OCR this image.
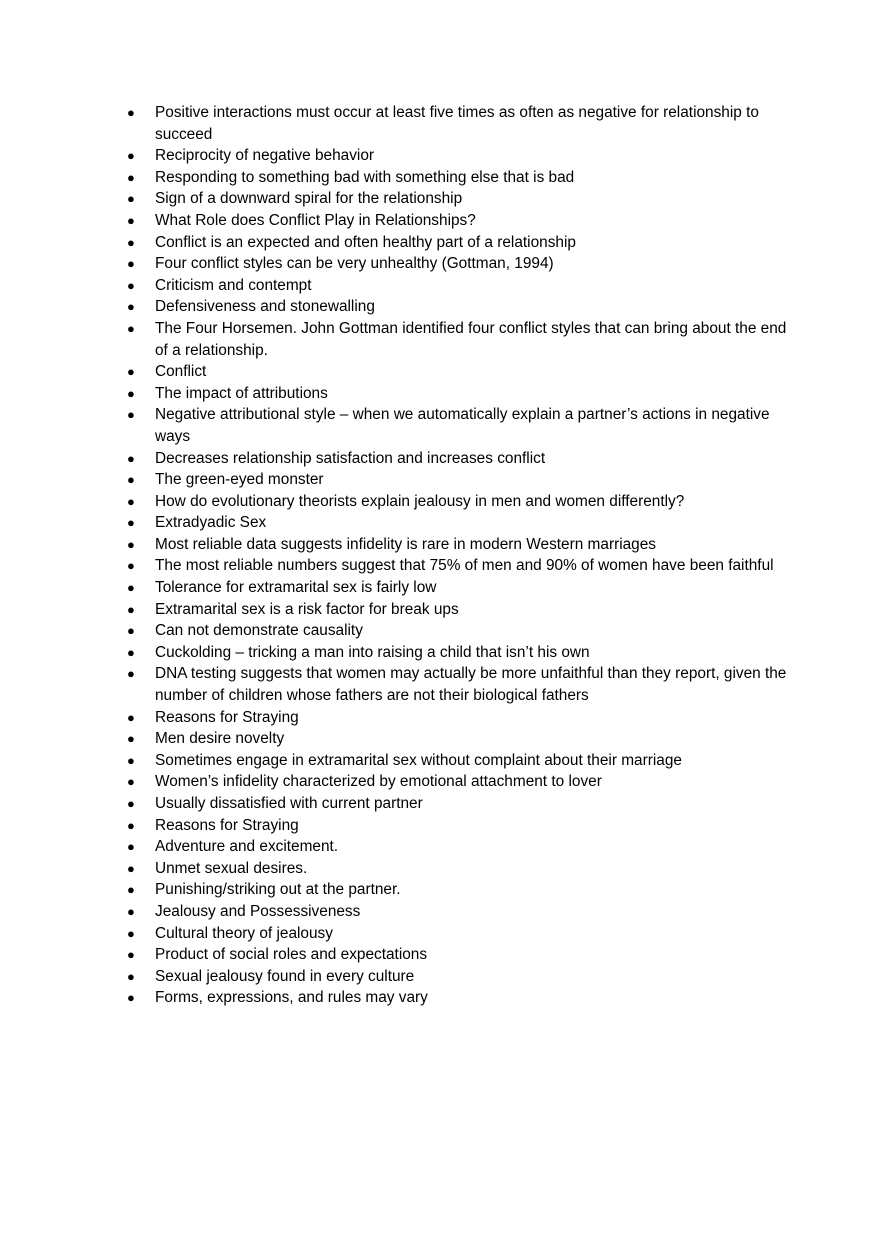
●	Positive interactions must occur at least five times as often as negative for relationship to succeed
●	Reciprocity of negative behavior
●	Responding to something bad with something else that is bad
●	Sign of a downward spiral for the relationship
●	What Role does Conflict Play in Relationships?
●	Conflict is an expected and often healthy part of a relationship
●	Four conflict styles can be very unhealthy (Gottman, 1994)
●	Criticism and contempt
●	Defensiveness and stonewalling
●	The Four Horsemen. John Gottman identified four conflict styles that can bring about the end of a relationship.
●	Conflict
●	The impact of attributions
●	Negative attributional style – when we automatically explain a partner’s actions in negative ways
●	Decreases relationship satisfaction and increases conflict
●	The green-eyed monster
●	How do evolutionary theorists explain jealousy in men and women differently?
●	Extradyadic Sex
●	Most reliable data suggests infidelity is rare in modern Western marriages
●	The most reliable numbers suggest that 75% of men and 90% of women have been faithful
●	Tolerance for extramarital sex is fairly low
●	Extramarital sex is a risk factor for break ups
●	Can not demonstrate causality
●	Cuckolding – tricking a man into raising a child that isn’t his own
●	DNA testing suggests that women may actually be more unfaithful than they report, given the number of children whose fathers are not their biological fathers
●	Reasons for Straying
●	Men desire novelty
●	Sometimes engage in extramarital sex without complaint about their marriage
●	Women’s infidelity characterized by emotional attachment to lover
●	Usually dissatisfied with current partner
●	Reasons for Straying
●	Adventure and excitement.
●	Unmet sexual desires.
●	Punishing/striking out at the partner.
●	Jealousy and Possessiveness
●	Cultural theory of jealousy
●	Product of social roles and expectations
●	Sexual jealousy found in every culture
●	Forms, expressions, and rules may vary
